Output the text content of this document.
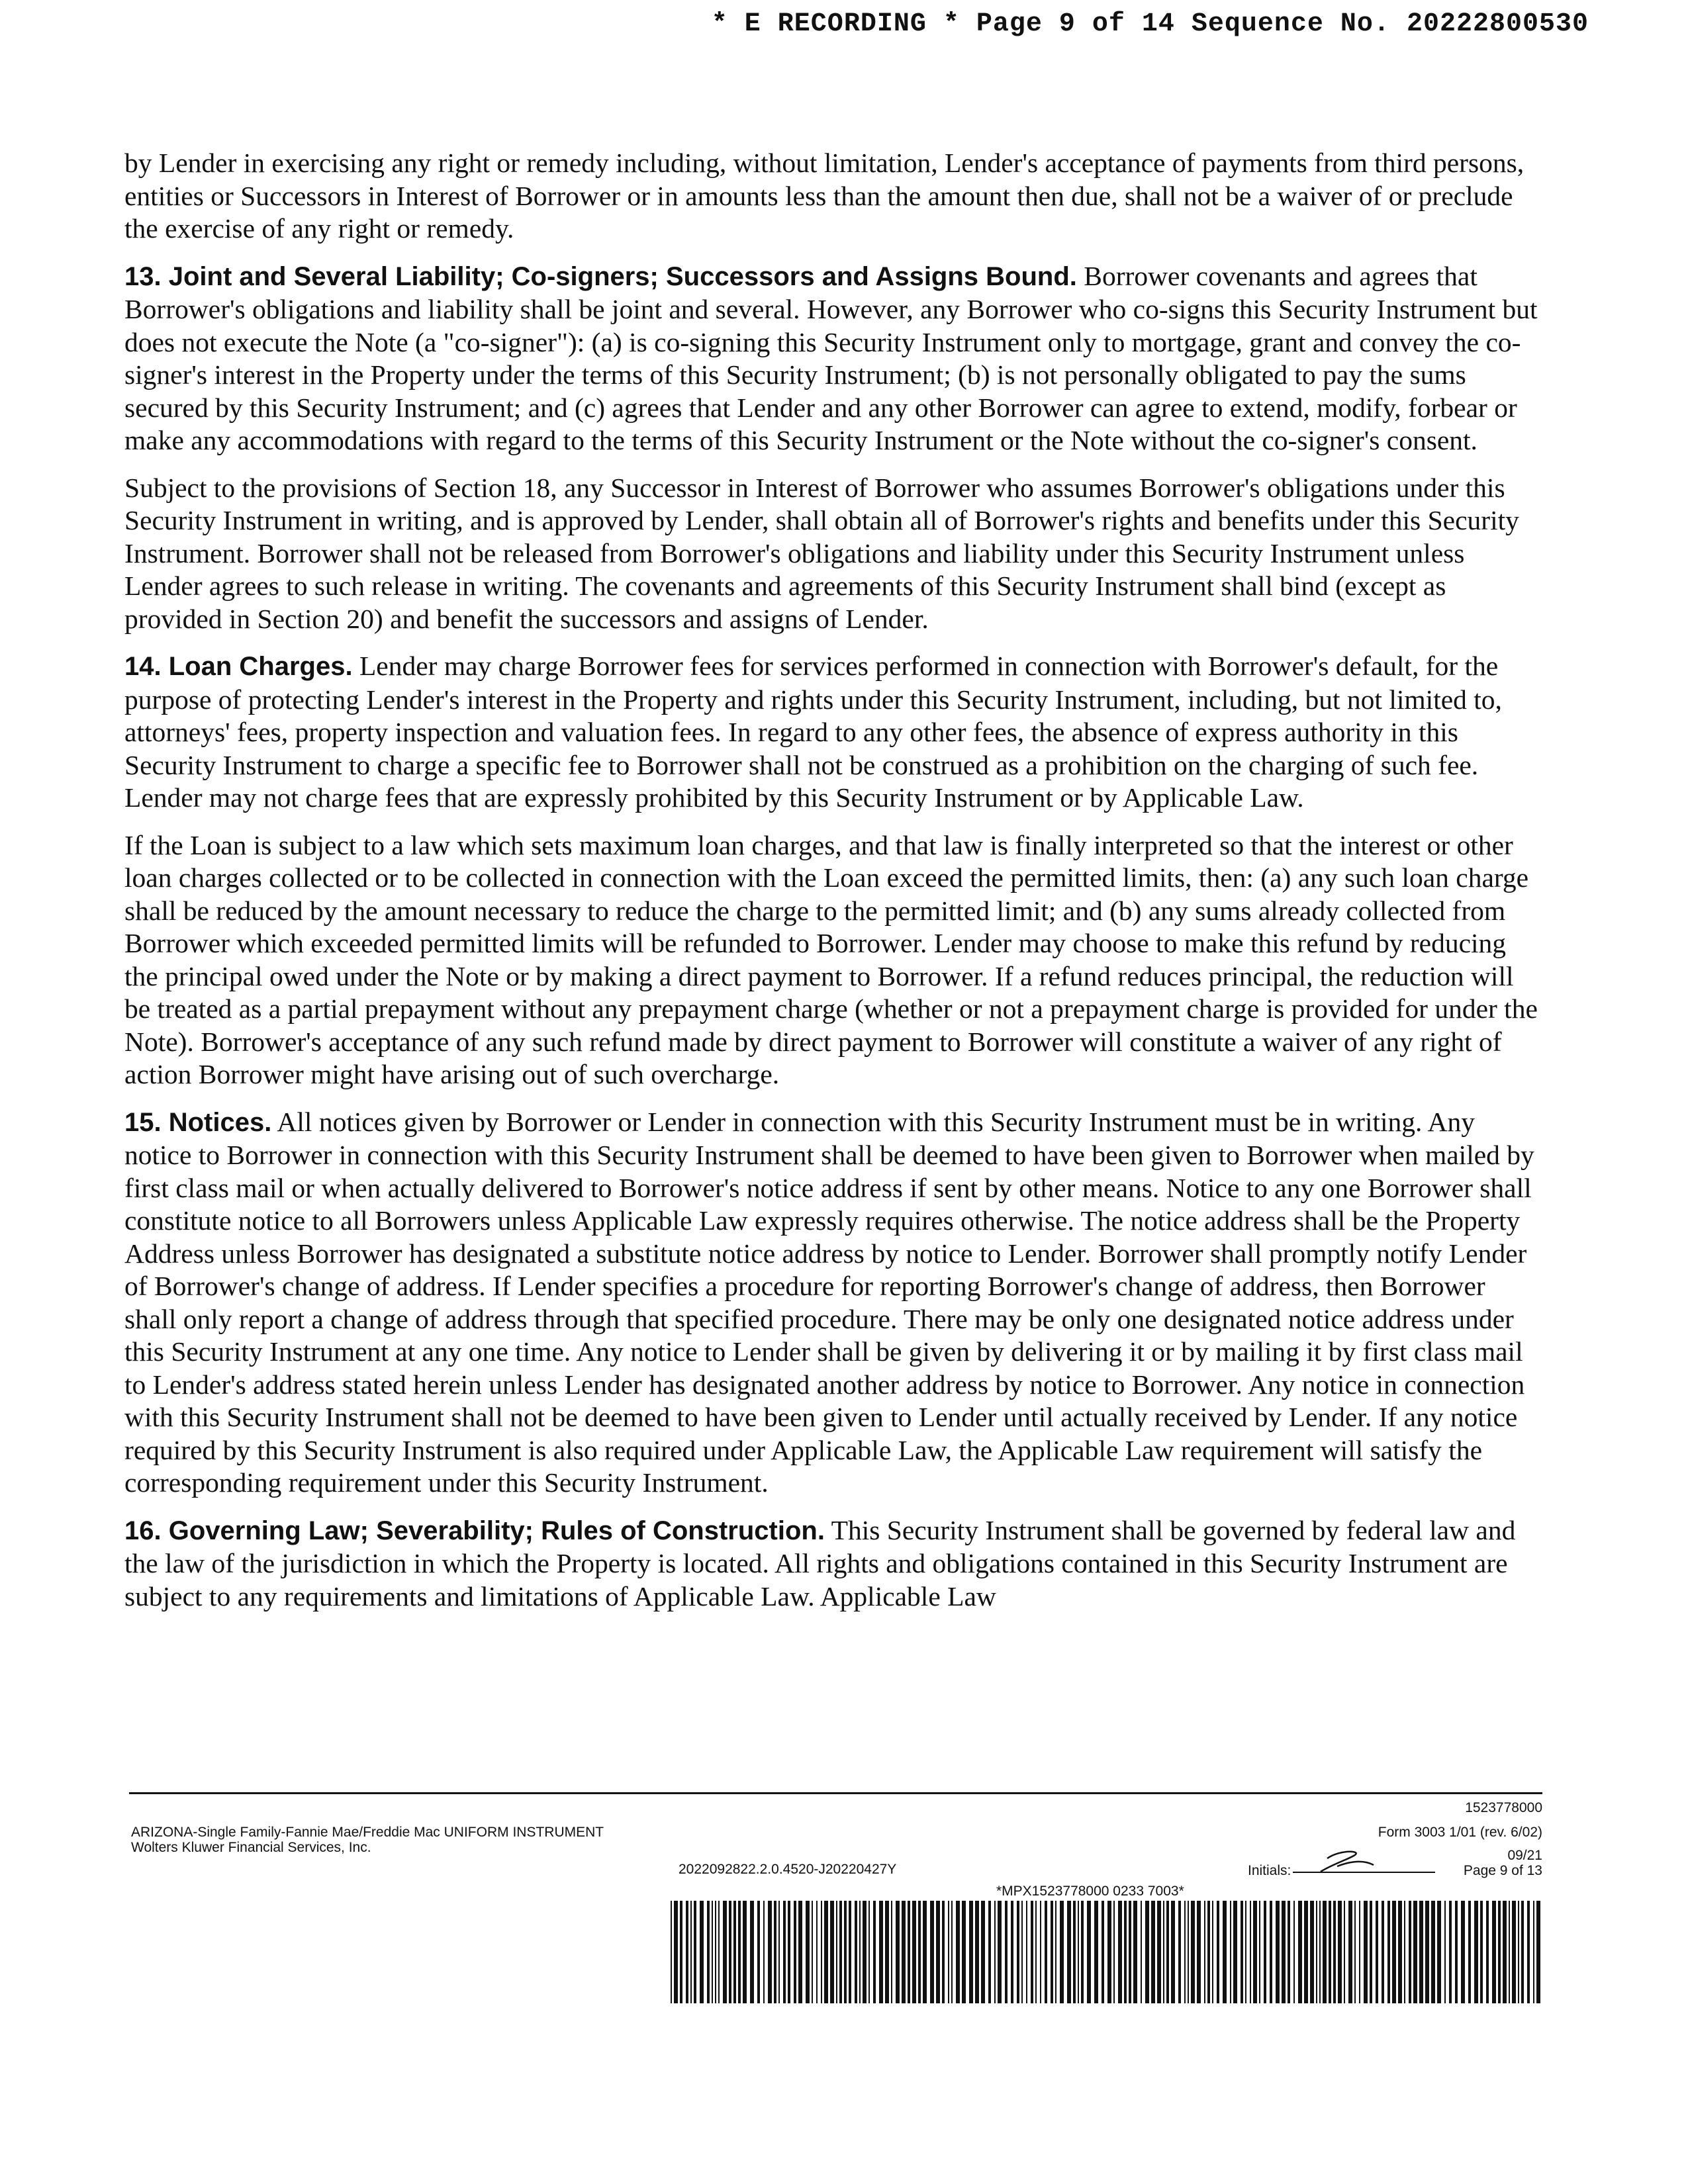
* E RECORDING * Page 9 of 14 Sequence No. 20222800530

by Lender in exercising any right or remedy including, without limitation, Lender's acceptance of payments from third persons, entities or Successors in Interest of Borrower or in amounts less than the amount then due, shall not be a waiver of or preclude the exercise of any right or remedy.

13. Joint and Several Liability; Co-signers; Successors and Assigns Bound. Borrower covenants and agrees that Borrower's obligations and liability shall be joint and several. However, any Borrower who co-signs this Security Instrument but does not execute the Note (a "co-signer"): (a) is co-signing this Security Instrument only to mortgage, grant and convey the co-signer's interest in the Property under the terms of this Security Instrument; (b) is not personally obligated to pay the sums secured by this Security Instrument; and (c) agrees that Lender and any other Borrower can agree to extend, modify, forbear or make any accommodations with regard to the terms of this Security Instrument or the Note without the co-signer's consent.

Subject to the provisions of Section 18, any Successor in Interest of Borrower who assumes Borrower's obligations under this Security Instrument in writing, and is approved by Lender, shall obtain all of Borrower's rights and benefits under this Security Instrument. Borrower shall not be released from Borrower's obligations and liability under this Security Instrument unless Lender agrees to such release in writing. The covenants and agreements of this Security Instrument shall bind (except as provided in Section 20) and benefit the successors and assigns of Lender.

14. Loan Charges. Lender may charge Borrower fees for services performed in connection with Borrower's default, for the purpose of protecting Lender's interest in the Property and rights under this Security Instrument, including, but not limited to, attorneys' fees, property inspection and valuation fees. In regard to any other fees, the absence of express authority in this Security Instrument to charge a specific fee to Borrower shall not be construed as a prohibition on the charging of such fee. Lender may not charge fees that are expressly prohibited by this Security Instrument or by Applicable Law.

If the Loan is subject to a law which sets maximum loan charges, and that law is finally interpreted so that the interest or other loan charges collected or to be collected in connection with the Loan exceed the permitted limits, then: (a) any such loan charge shall be reduced by the amount necessary to reduce the charge to the permitted limit; and (b) any sums already collected from Borrower which exceeded permitted limits will be refunded to Borrower. Lender may choose to make this refund by reducing the principal owed under the Note or by making a direct payment to Borrower. If a refund reduces principal, the reduction will be treated as a partial prepayment without any prepayment charge (whether or not a prepayment charge is provided for under the Note). Borrower's acceptance of any such refund made by direct payment to Borrower will constitute a waiver of any right of action Borrower might have arising out of such overcharge.

15. Notices. All notices given by Borrower or Lender in connection with this Security Instrument must be in writing. Any notice to Borrower in connection with this Security Instrument shall be deemed to have been given to Borrower when mailed by first class mail or when actually delivered to Borrower's notice address if sent by other means. Notice to any one Borrower shall constitute notice to all Borrowers unless Applicable Law expressly requires otherwise. The notice address shall be the Property Address unless Borrower has designated a substitute notice address by notice to Lender. Borrower shall promptly notify Lender of Borrower's change of address. If Lender specifies a procedure for reporting Borrower's change of address, then Borrower shall only report a change of address through that specified procedure. There may be only one designated notice address under this Security Instrument at any one time. Any notice to Lender shall be given by delivering it or by mailing it by first class mail to Lender's address stated herein unless Lender has designated another address by notice to Borrower. Any notice in connection with this Security Instrument shall not be deemed to have been given to Lender until actually received by Lender. If any notice required by this Security Instrument is also required under Applicable Law, the Applicable Law requirement will satisfy the corresponding requirement under this Security Instrument.

16. Governing Law; Severability; Rules of Construction. This Security Instrument shall be governed by federal law and the law of the jurisdiction in which the Property is located. All rights and obligations contained in this Security Instrument are subject to any requirements and limitations of Applicable Law. Applicable Law

ARIZONA-Single Family-Fannie Mae/Freddie Mac UNIFORM INSTRUMENT
Wolters Kluwer Financial Services, Inc.
2022092822.2.0.4520-J20220427Y
1523778000
Form 3003 1/01 (rev. 6/02)
09/21
Initials:	Page 9 of 13
*MPX1523778000 0233 7003*
